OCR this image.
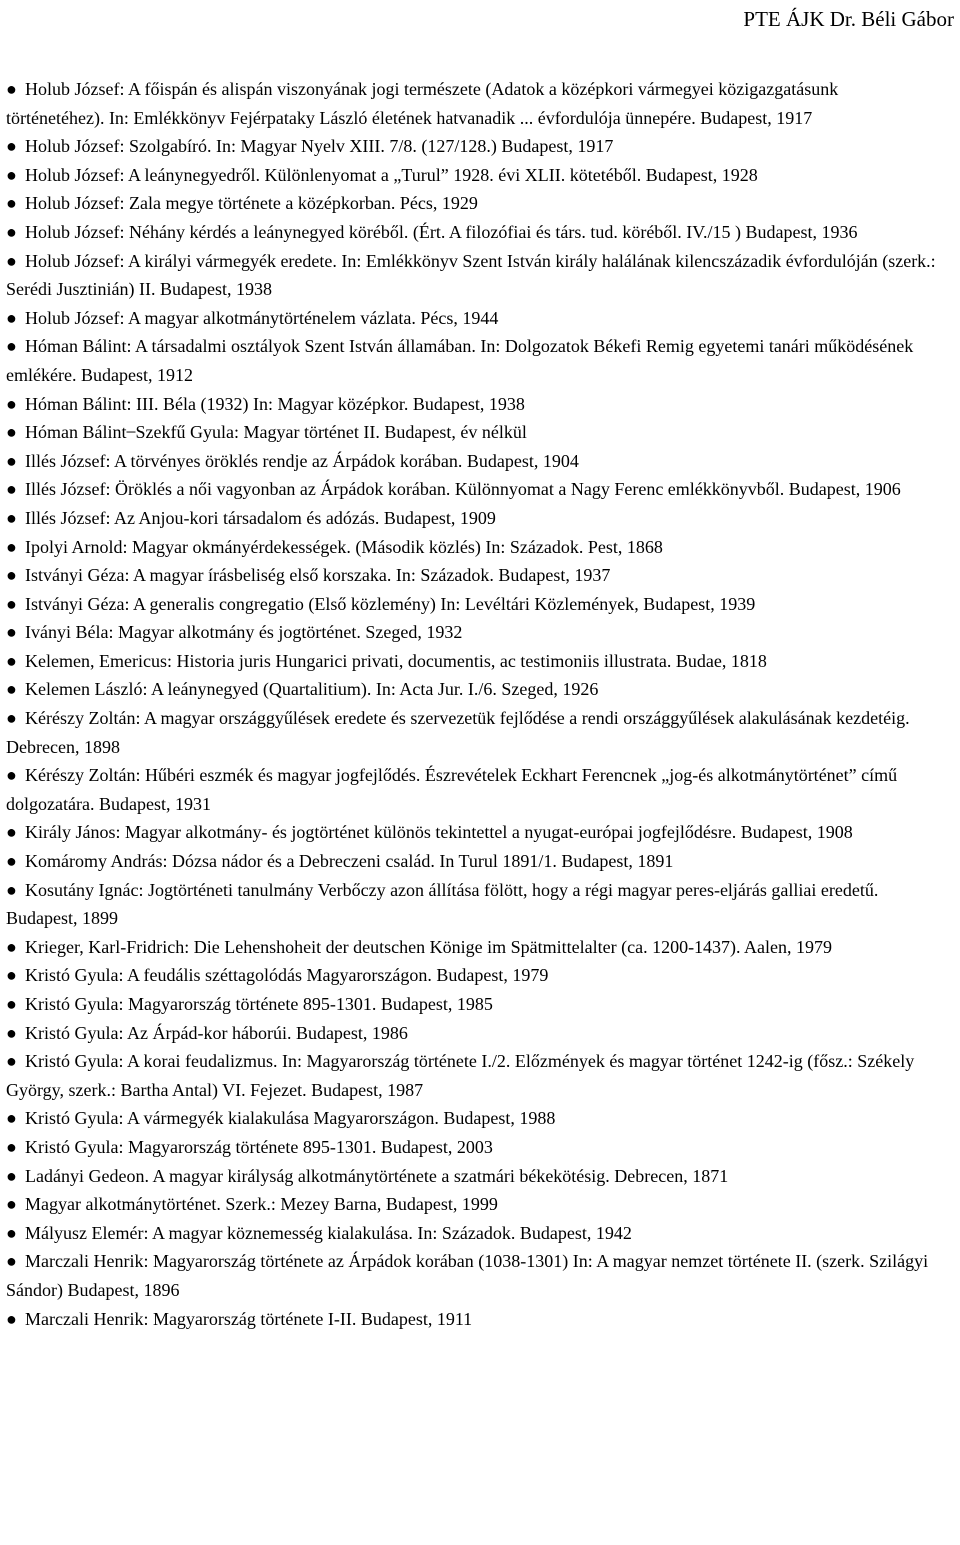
PTE ÁJK Dr. Béli Gábor

● Holub József: A főispán és alispán viszonyának jogi természete (Adatok a középkori vármegyei közigazgatásunk történetéhez). In: Emlékkönyv Fejérpataky László életének hatvanadik ... évfordulója ünnepére. Budapest, 1917

● Holub József: Szolgabíró. In: Magyar Nyelv XIII. 7/8. (127/128.) Budapest, 1917

● Holub József: A leánynegyedről. Különlenyomat a „Turul” 1928. évi XLII. kötetéből. Budapest, 1928

● Holub József: Zala megye története a középkorban. Pécs, 1929

● Holub József: Néhány kérdés a leánynegyed köréből. (Ért. A filozófiai és társ. tud. köréből. IV./15 ) Budapest, 1936

● Holub József: A királyi vármegyék eredete. In: Emlékkönyv Szent István király halálának kilencszázadik évfordulóján (szerk.: Serédi Jusztinián) II. Budapest, 1938

● Holub József: A magyar alkotmánytörténelem vázlata. Pécs, 1944

● Hóman Bálint: A társadalmi osztályok Szent István államában. In: Dolgozatok Békefi Remig egyetemi tanári működésének emlékére. Budapest, 1912

● Hóman Bálint: III. Béla (1932) In: Magyar középkor. Budapest, 1938

● Hóman Bálint ̶ Szekfű Gyula: Magyar történet II. Budapest, év nélkül

● Illés József: A törvényes öröklés rendje az Árpádok korában. Budapest, 1904

● Illés József: Öröklés a női vagyonban az Árpádok korában. Különnyomat a Nagy Ferenc emlékkönyvből. Budapest, 1906

● Illés József: Az Anjou-kori társadalom és adózás. Budapest, 1909

● Ipolyi Arnold: Magyar okmányérdekességek. (Második közlés) In: Századok. Pest, 1868

● Istványi Géza: A magyar írásbeliség első korszaka. In: Századok. Budapest, 1937

● Istványi Géza: A generalis congregatio (Első közlemény) In: Levéltári Közlemények, Budapest, 1939

● Iványi Béla: Magyar alkotmány és jogtörténet. Szeged, 1932

● Kelemen, Emericus: Historia juris Hungarici privati, documentis, ac testimoniis illustrata. Budae, 1818

● Kelemen László: A leánynegyed (Quartalitium). In: Acta Jur. I./6. Szeged, 1926

● Kérészy Zoltán: A magyar országgyűlések eredete és szervezetük fejlődése a rendi országgyűlések alakulásának kezdetéig. Debrecen, 1898

● Kérészy Zoltán: Hűbéri eszmék és magyar jogfejlődés. Észrevételek Eckhart Ferencnek „jog-és alkotmánytörténet” című dolgozatára. Budapest, 1931

● Király János: Magyar alkotmány- és jogtörténet különös tekintettel a nyugat-európai jogfejlődésre. Budapest, 1908

● Komáromy András: Dózsa nádor és a Debreczeni család. In Turul 1891/1. Budapest, 1891

● Kosutány Ignác: Jogtörténeti tanulmány Verbőczy azon állítása fölött, hogy a régi magyar peres-eljárás galliai eredetű. Budapest, 1899

● Krieger, Karl-Fridrich: Die Lehenshoheit der deutschen Könige im Spätmittelalter (ca. 1200-1437). Aalen, 1979

● Kristó Gyula: A feudális széttagolódás Magyarországon. Budapest, 1979

● Kristó Gyula: Magyarország története 895-1301. Budapest, 1985

● Kristó Gyula: Az Árpád-kor háborúi. Budapest, 1986

● Kristó Gyula: A korai feudalizmus. In: Magyarország története I./2. Előzmények és magyar történet 1242-ig (fősz.: Székely György, szerk.: Bartha Antal) VI. Fejezet. Budapest, 1987

● Kristó Gyula: A vármegyék kialakulása Magyarországon. Budapest, 1988

● Kristó Gyula: Magyarország története 895-1301. Budapest, 2003

● Ladányi Gedeon. A magyar királyság alkotmánytörténete a szatmári békekötésig. Debrecen, 1871

● Magyar alkotmánytörténet. Szerk.: Mezey Barna, Budapest, 1999

● Mályusz Elemér: A magyar köznemesség kialakulása. In: Századok. Budapest, 1942

● Marczali Henrik: Magyarország története az Árpádok korában (1038-1301) In: A magyar nemzet története II. (szerk. Szilágyi Sándor) Budapest, 1896

● Marczali Henrik: Magyarország története I-II. Budapest, 1911
